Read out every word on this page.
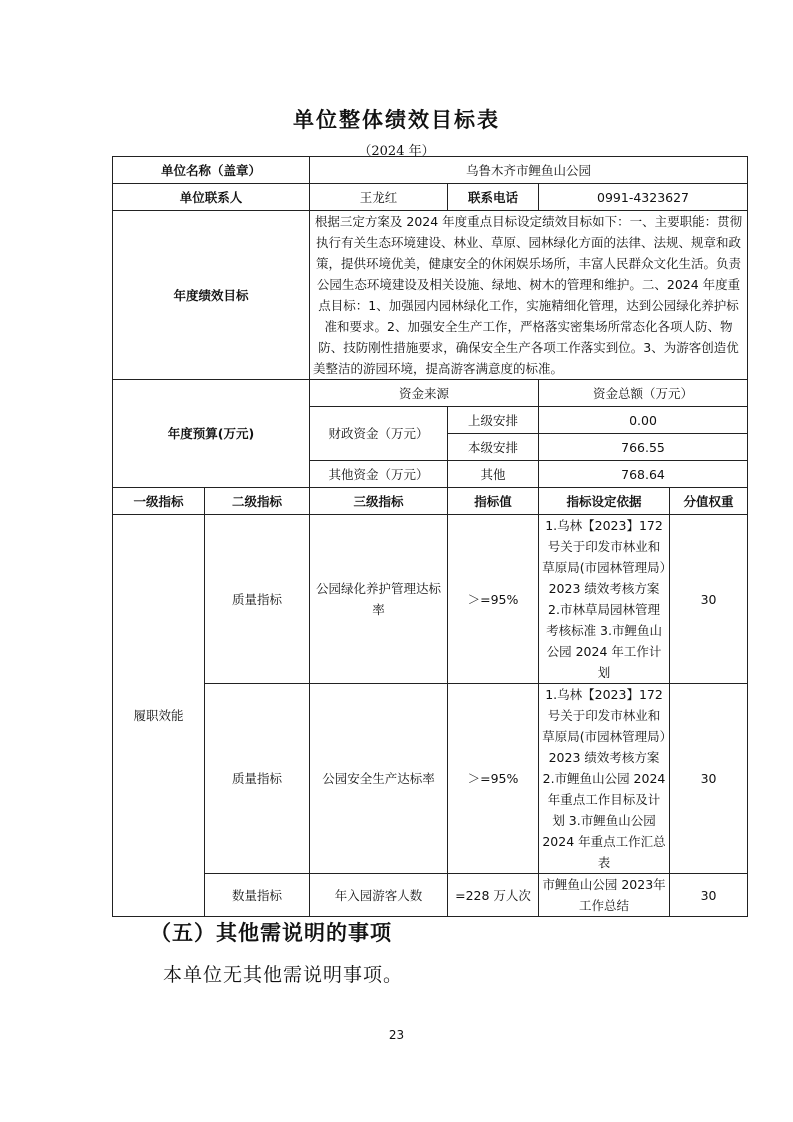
单位整体绩效目标表
（2024 年）
单位名称（盖章）		乌鲁木齐市鲤鱼山公园			
单位联系人		王龙红	联系电话	0991-4323627	
年度绩效目标		根据三定方案及 2024 年度重点目标设定绩效目标如下：一、主要职能：贯彻执行有关生态环境建设、林业、草原、园林绿化方面的法律、法规、规章和政策，提供环境优美，健康安全的休闲娱乐场所，丰富人民群众文化生活。负责公园生态环境建设及相关设施、绿地、树木的管理和维护。二、2024 年度重点目标：1、加强园内园林绿化工作，实施精细化管理，达到公园绿化养护标准和要求。2、加强安全生产工作，严格落实密集场所常态化各项人防、物防、技防刚性措施要求，确保安全生产各项工作落实到位。3、为游客创造优美整洁的游园环境，提高游客满意度的标准。			
年度预算(万元)		资金来源		资金总额（万元）	
		财政资金（万元）	上级安排	0.00	
			本级安排	766.55	
		其他资金（万元）	其他	768.64	
一级指标	二级指标	三级指标	指标值	指标设定依据	分值权重
履职效能	质量指标	公园绿化养护管理达标率	＞=95%	1.乌林【2023】172号关于印发市林业和草原局(市园林管理局）2023 绩效考核方案 2.市林草局园林管理考核标准 3.市鲤鱼山公园 2024 年工作计划	30
	质量指标	公园安全生产达标率	＞=95%	1.乌林【2023】172号关于印发市林业和草原局(市园林管理局）2023 绩效考核方案 2.市鲤鱼山公园 2024 年重点工作目标及计划 3.市鲤鱼山公园 2024 年重点工作汇总表	30
	数量指标	年入园游客人数	=228 万人次	市鲤鱼山公园 2023年工作总结	30
（五）其他需说明的事项
本单位无其他需说明事项。
23
